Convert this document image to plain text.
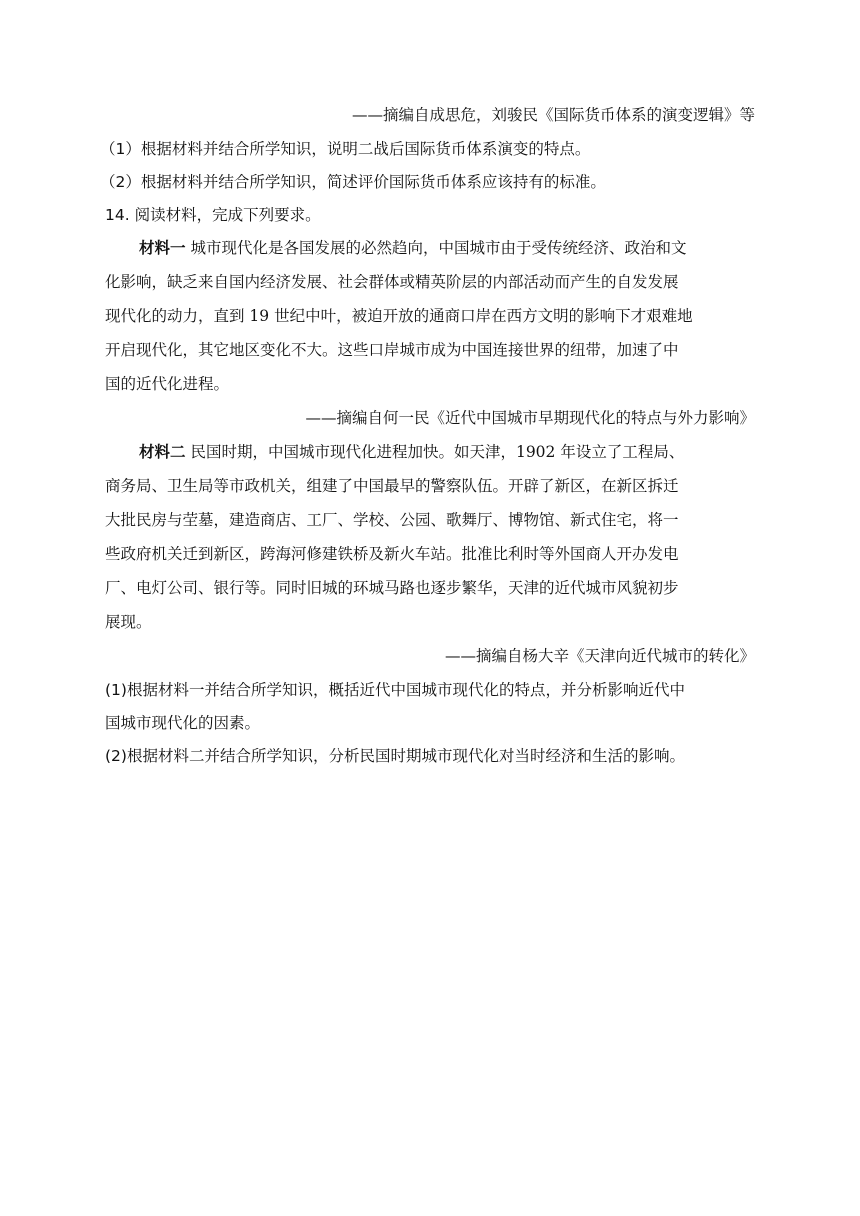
——摘编自成思危，刘骏民《国际货币体系的演变逻辑》等
（1）根据材料并结合所学知识，说明二战后国际货币体系演变的特点。
（2）根据材料并结合所学知识，简述评价国际货币体系应该持有的标准。
14. 阅读材料，完成下列要求。
材料一 城市现代化是各国发展的必然趋向，中国城市由于受传统经济、政治和文
化影响，缺乏来自国内经济发展、社会群体或精英阶层的内部活动而产生的自发发展
现代化的动力，直到 19 世纪中叶，被迫开放的通商口岸在西方文明的影响下才艰难地
开启现代化，其它地区变化不大。这些口岸城市成为中国连接世界的纽带，加速了中
国的近代化进程。
——摘编自何一民《近代中国城市早期现代化的特点与外力影响》
材料二 民国时期，中国城市现代化进程加快。如天津，1902 年设立了工程局、
商务局、卫生局等市政机关，组建了中国最早的警察队伍。开辟了新区，在新区拆迁
大批民房与茔墓，建造商店、工厂、学校、公园、歌舞厅、博物馆、新式住宅，将一
些政府机关迁到新区，跨海河修建铁桥及新火车站。批准比利时等外国商人开办发电
厂、电灯公司、银行等。同时旧城的环城马路也逐步繁华，天津的近代城市风貌初步
展现。
——摘编自杨大辛《天津向近代城市的转化》
(1)根据材料一并结合所学知识，概括近代中国城市现代化的特点，并分析影响近代中
国城市现代化的因素。
(2)根据材料二并结合所学知识，分析民国时期城市现代化对当时经济和生活的影响。
